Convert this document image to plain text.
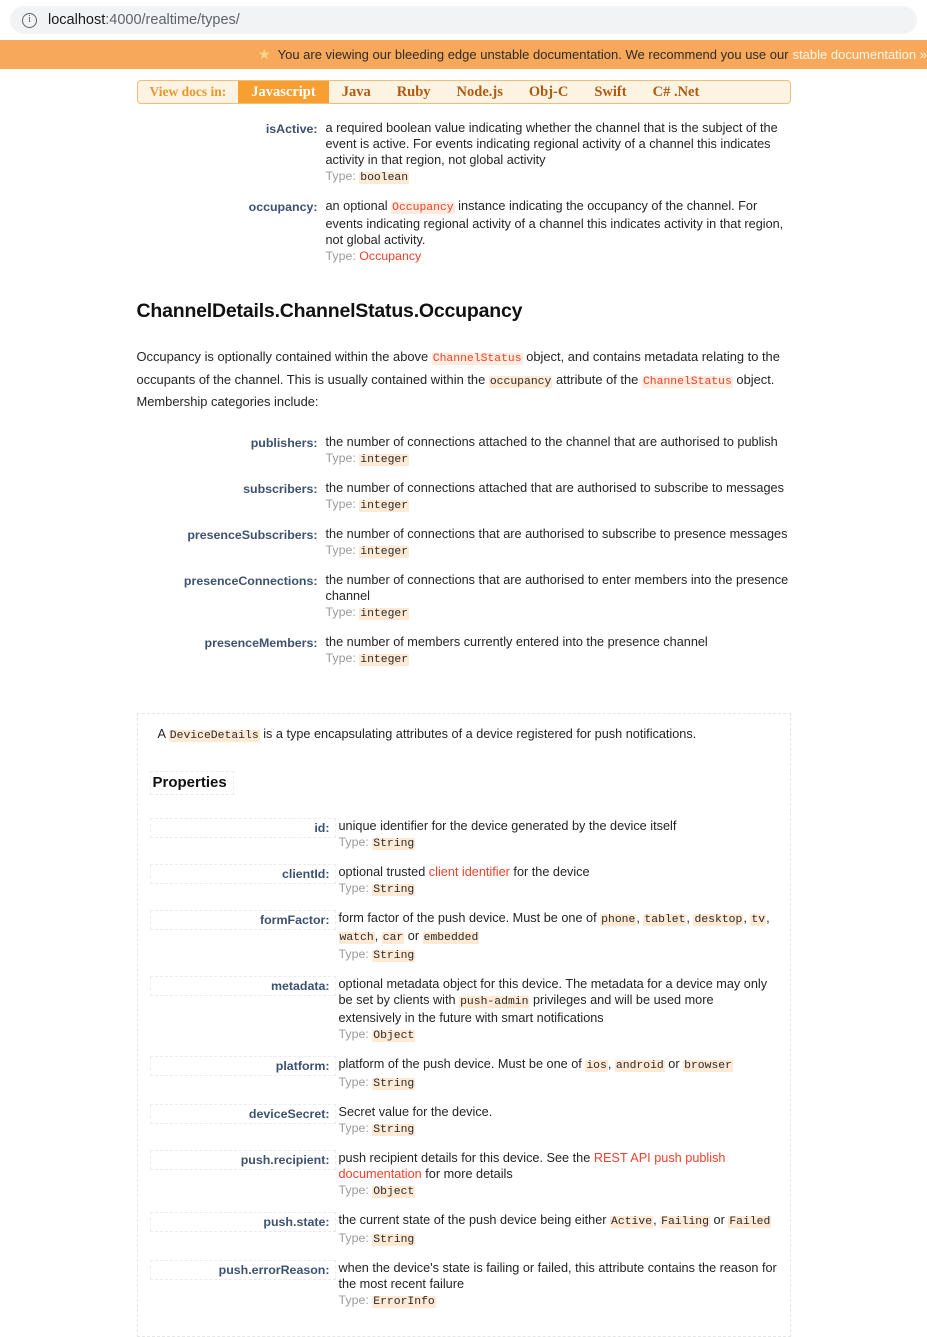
i
localhost :4000/realtime/types/
★ You are viewing our bleeding edge unstable documentation. We recommend you use our stable documentation »
View docs in:	Javascript	Java	Ruby	Node.js	Obj-C	Swift	C# .Net
isActive: a required boolean value indicating whether the channel that is the subject of the event is active. For events indicating regional activity of a channel this indicates activity in that region, not global activity
Type: boolean
occupancy: an optional Occupancy instance indicating the occupancy of the channel. For events indicating regional activity of a channel this indicates activity in that region, not global activity.
Type: Occupancy
ChannelDetails.ChannelStatus.Occupancy

Occupancy is optionally contained within the above ChannelStatus object, and contains metadata relating to the occupants of the channel. This is usually contained within the occupancy attribute of the ChannelStatus object. Membership categories include:

publishers: the number of connections attached to the channel that are authorised to publish
Type: integer
subscribers: the number of connections attached that are authorised to subscribe to messages
Type: integer
presenceSubscribers: the number of connections that are authorised to subscribe to presence messages
Type: integer
presenceConnections: the number of connections that are authorised to enter members into the presence channel
Type: integer
presenceMembers: the number of members currently entered into the presence channel
Type: integer
A DeviceDetails is a type encapsulating attributes of a device registered for push notifications.
Properties
id: unique identifier for the device generated by the device itself
Type: String
clientId: optional trusted client identifier for the device
Type: String
formFactor: form factor of the push device. Must be one of phone, tablet, desktop, tv, watch, car or embedded
Type: String
metadata: optional metadata object for this device. The metadata for a device may only be set by clients with push-admin privileges and will be used more extensively in the future with smart notifications
Type: Object
platform: platform of the push device. Must be one of ios, android or browser
Type: String
deviceSecret: Secret value for the device.
Type: String
push.recipient: push recipient details for this device. See the REST API push publish documentation for more details
Type: Object
push.state: the current state of the push device being either Active, Failing or Failed
Type: String
push.errorReason: when the device's state is failing or failed, this attribute contains the reason for the most recent failure
Type: ErrorInfo
